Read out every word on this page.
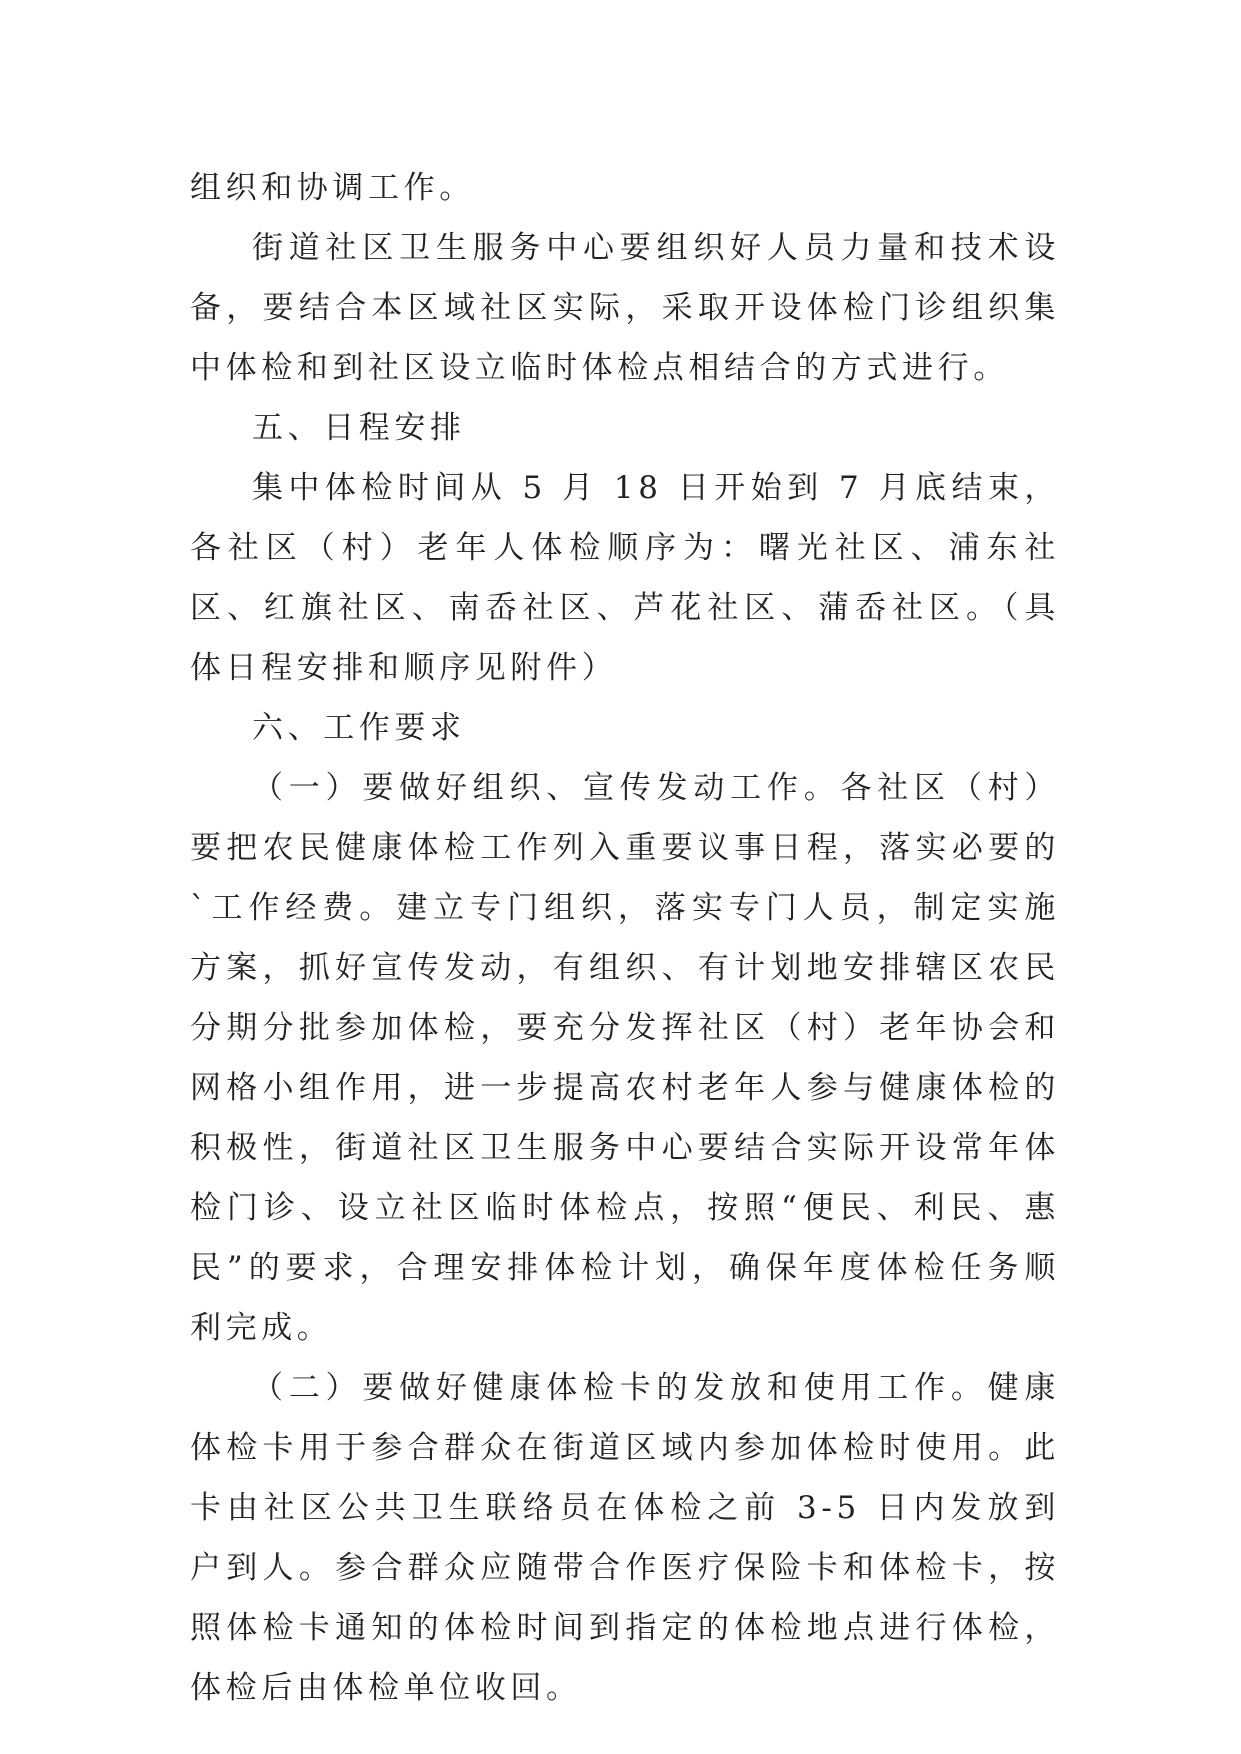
组织和协调工作。

街道社区卫生服务中心要组织好人员力量和技术设备，要结合本区域社区实际，采取开设体检门诊组织集中体检和到社区设立临时体检点相结合的方式进行。

五、日程安排

集中体检时间从 5 月 18 日开始到 7 月底结束，各社区（村）老年人体检顺序为：曙光社区、浦东社区、红旗社区、南岙社区、芦花社区、蒲岙社区。（具体日程安排和顺序见附件）

六、工作要求

（一）要做好组织、宣传发动工作。各社区（村）要把农民健康体检工作列入重要议事日程，落实必要的`工作经费。建立专门组织，落实专门人员，制定实施方案，抓好宣传发动，有组织、有计划地安排辖区农民分期分批参加体检，要充分发挥社区（村）老年协会和网格小组作用，进一步提高农村老年人参与健康体检的积极性，街道社区卫生服务中心要结合实际开设常年体检门诊、设立社区临时体检点，按照“便民、利民、惠民”的要求，合理安排体检计划，确保年度体检任务顺利完成。

（二）要做好健康体检卡的发放和使用工作。健康体检卡用于参合群众在街道区域内参加体检时使用。此卡由社区公共卫生联络员在体检之前 3-5 日内发放到户到人。参合群众应随带合作医疗保险卡和体检卡，按照体检卡通知的体检时间到指定的体检地点进行体检，体检后由体检单位收回。
